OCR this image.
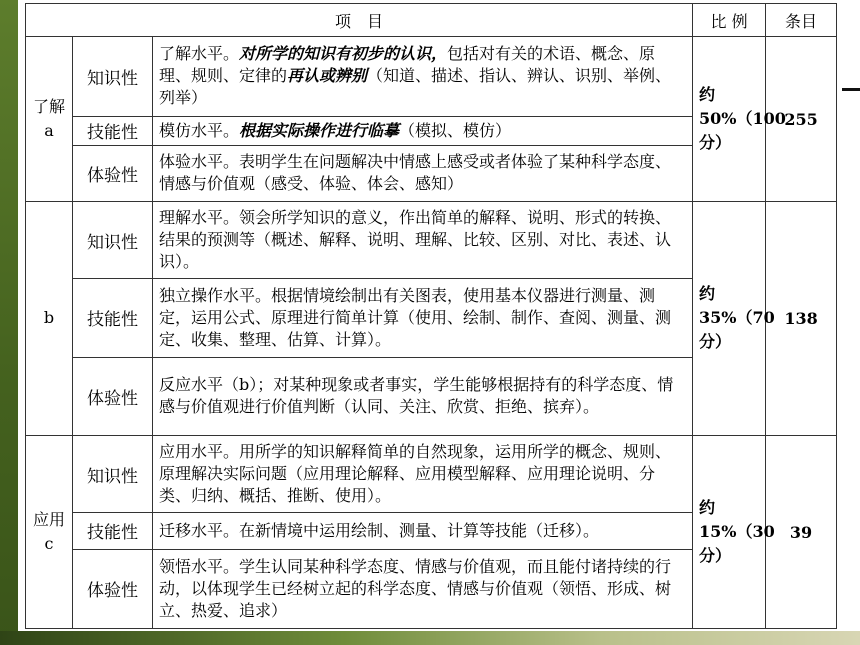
项　目			比 例	条目
了解a	知识性	了解水平。对所学的知识有初步的认识，包括对有关的术语、概念、原理、规则、定律的再认或辨别（知道、描述、指认、辨认、识别、举例、列举）	约50%（100分）	255
	技能性	模仿水平。根据实际操作进行临摹（模拟、模仿）		
	体验性	体验水平。表明学生在问题解决中情感上感受或者体验了某种科学态度、情感与价值观（感受、体验、体会、感知）		
b	知识性	理解水平。领会所学知识的意义，作出简单的解释、说明、形式的转换、结果的预测等（概述、解释、说明、理解、比较、区别、对比、表述、认识）。	约35%（70分）	138
	技能性	独立操作水平。根据情境绘制出有关图表，使用基本仪器进行测量、测定，运用公式、原理进行简单计算（使用、绘制、制作、查阅、测量、测定、收集、整理、估算、计算）。		
	体验性	反应水平（b）；对某种现象或者事实，学生能够根据持有的科学态度、情感与价值观进行价值判断（认同、关注、欣赏、拒绝、摈弃）。		
应用c	知识性	应用水平。用所学的知识解释简单的自然现象，运用所学的概念、规则、原理解决实际问题（应用理论解释、应用模型解释、应用理论说明、分类、归纳、概括、推断、使用）。	约15%（30分）	39
	技能性	迁移水平。在新情境中运用绘制、测量、计算等技能（迁移）。		
	体验性	领悟水平。学生认同某种科学态度、情感与价值观，而且能付诸持续的行动，以体现学生已经树立起的科学态度、情感与价值观（领悟、形成、树立、热爱、追求）		
